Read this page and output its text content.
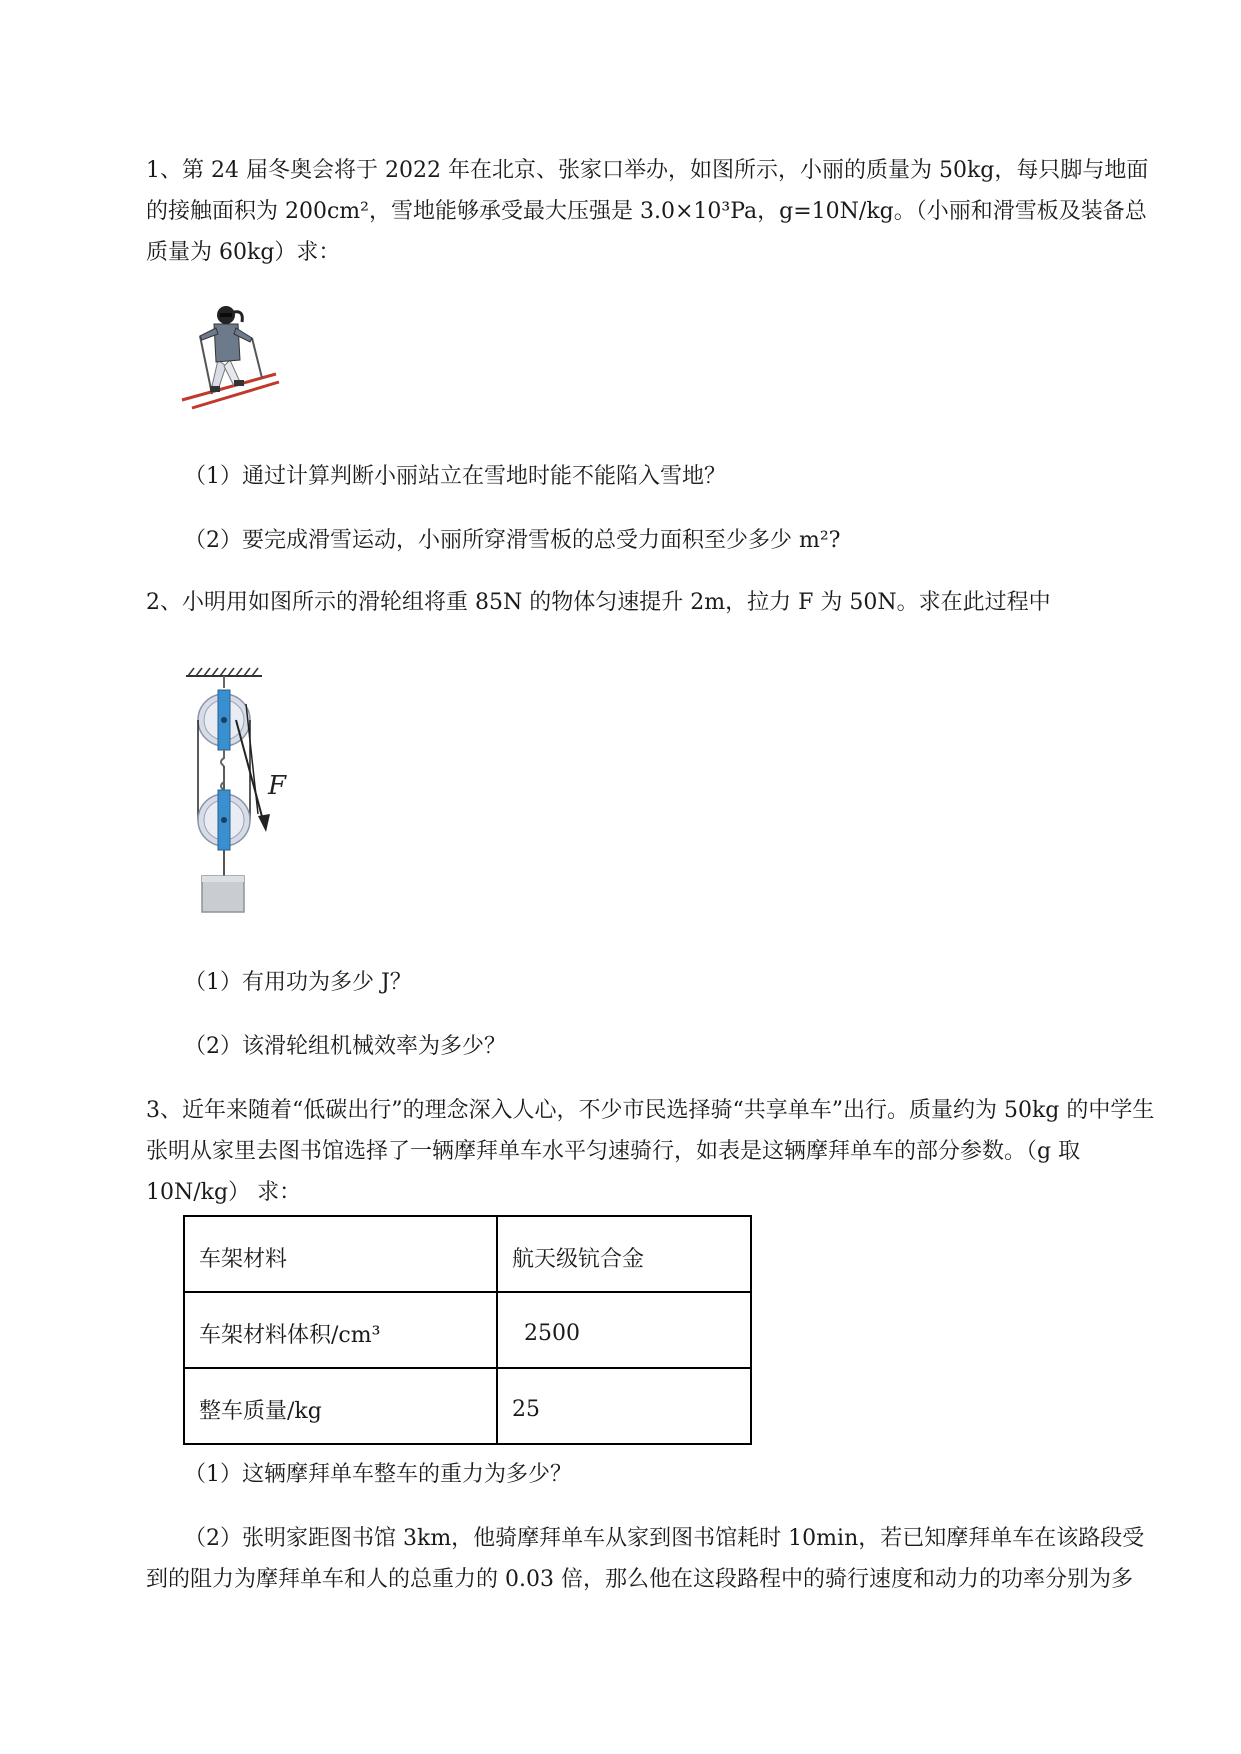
1、第 24 届冬奥会将于 2022 年在北京、张家口举办，如图所示，小丽的质量为 50kg，每只脚与地面的接触面积为 200cm²，雪地能够承受最大压强是 3.0×10³Pa，g=10N/kg。（小丽和滑雪板及装备总质量为 60kg）求：
（1）通过计算判断小丽站立在雪地时能不能陷入雪地？
（2）要完成滑雪运动，小丽所穿滑雪板的总受力面积至少多少 m²?
2、小明用如图所示的滑轮组将重 85N 的物体匀速提升 2m，拉力 F 为 50N。求在此过程中
F
（1）有用功为多少 J？
（2）该滑轮组机械效率为多少？
3、近年来随着“低碳出行”的理念深入人心，不少市民选择骑“共享单车”出行。质量约为 50kg 的中学生张明从家里去图书馆选择了一辆摩拜单车水平匀速骑行，如表是这辆摩拜单车的部分参数。（g 取 10N/kg） 求：
车架材料	航天级钪合金
车架材料体积/cm³	2500
整车质量/kg	25
（1）这辆摩拜单车整车的重力为多少？
（2）张明家距图书馆 3km，他骑摩拜单车从家到图书馆耗时 10min，若已知摩拜单车在该路段受到的阻力为摩拜单车和人的总重力的 0.03 倍，那么他在这段路程中的骑行速度和动力的功率分别为多
